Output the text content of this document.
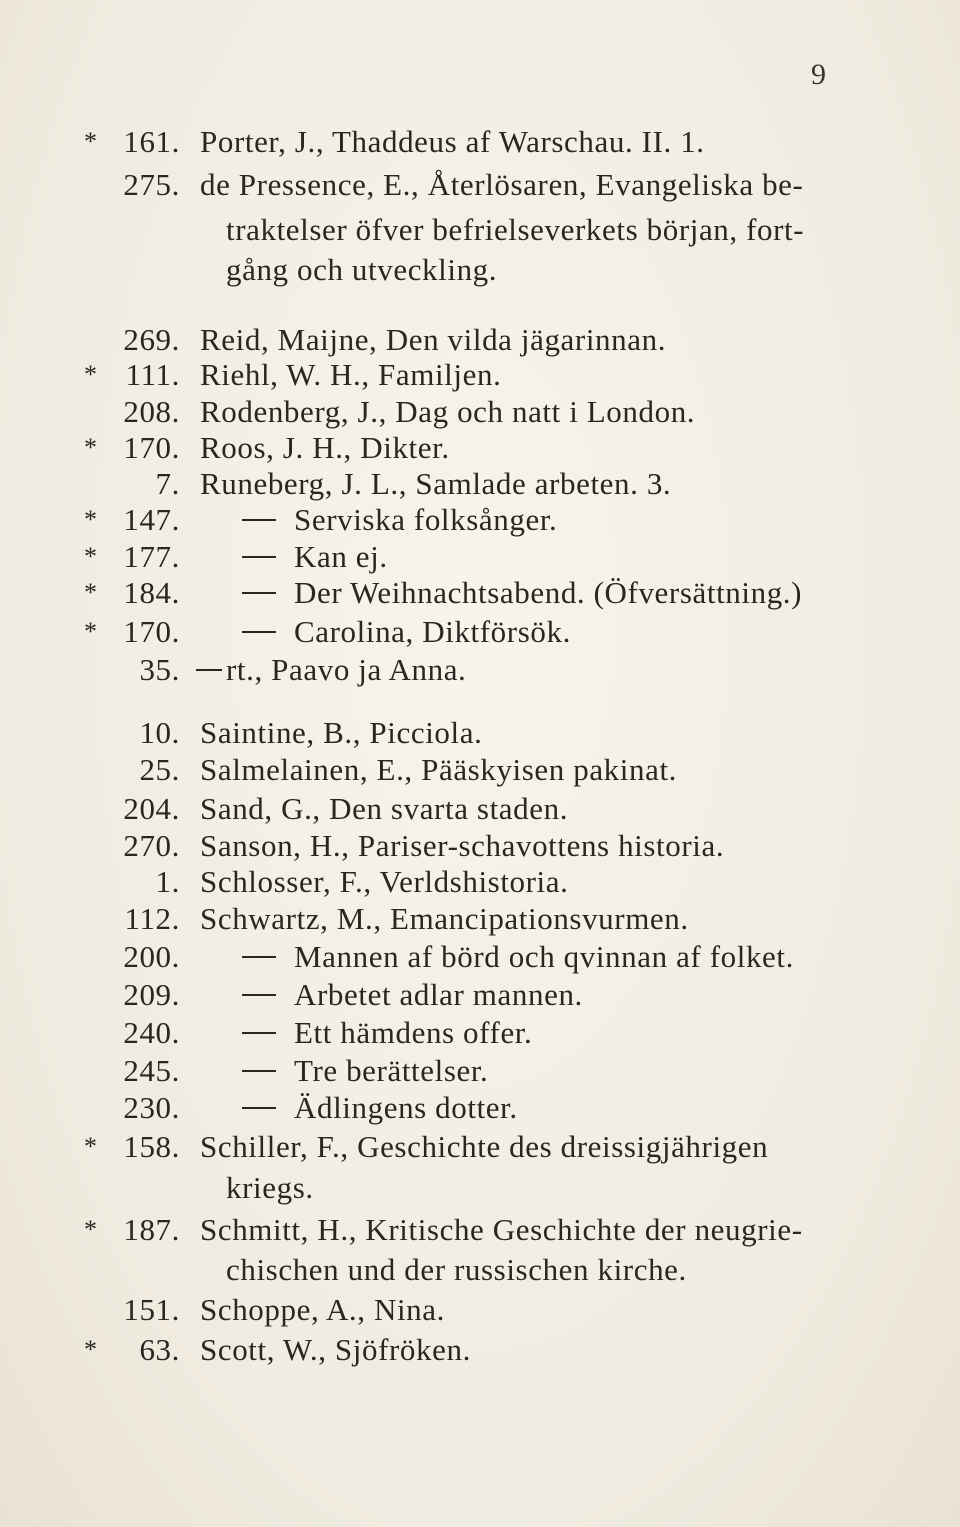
9
* 161. Porter, J., Thaddeus af Warschau. II. 1.
275. de Pressence, E., Återlösaren, Evangeliska be-
traktelser öfver befrielseverkets början, fort-
gång och utveckling.
269. Reid, Maijne, Den vilda jägarinnan.
* 111. Riehl, W. H., Familjen.
208. Rodenberg, J., Dag och natt i London.
* 170. Roos, J. H., Dikter.
7. Runeberg, J. L., Samlade arbeten. 3.
* 147.	Serviska folksånger.
* 177.	Kan ej.
* 184.	Der Weihnachtsabend. (Öfversättning.)
* 170.	Carolina, Diktförsök.
35. rt., Paavo ja Anna.
10. Saintine, B., Picciola.
25. Salmelainen, E., Pääskyisen pakinat.
204. Sand, G., Den svarta staden.
270. Sanson, H., Pariser-schavottens historia.
1. Schlosser, F., Verldshistoria.
112. Schwartz, M., Emancipationsvurmen.
200.	Mannen af börd och qvinnan af folket.
209.	Arbetet adlar mannen.
240.	Ett hämdens offer.
245.	Tre berättelser.
230.	Ädlingens dotter.
* 158. Schiller, F., Geschichte des dreissigjährigen
kriegs.
* 187. Schmitt, H., Kritische Geschichte der neugrie-
chischen und der russischen kirche.
151. Schoppe, A., Nina.
*	63. Scott, W., Sjöfröken.
